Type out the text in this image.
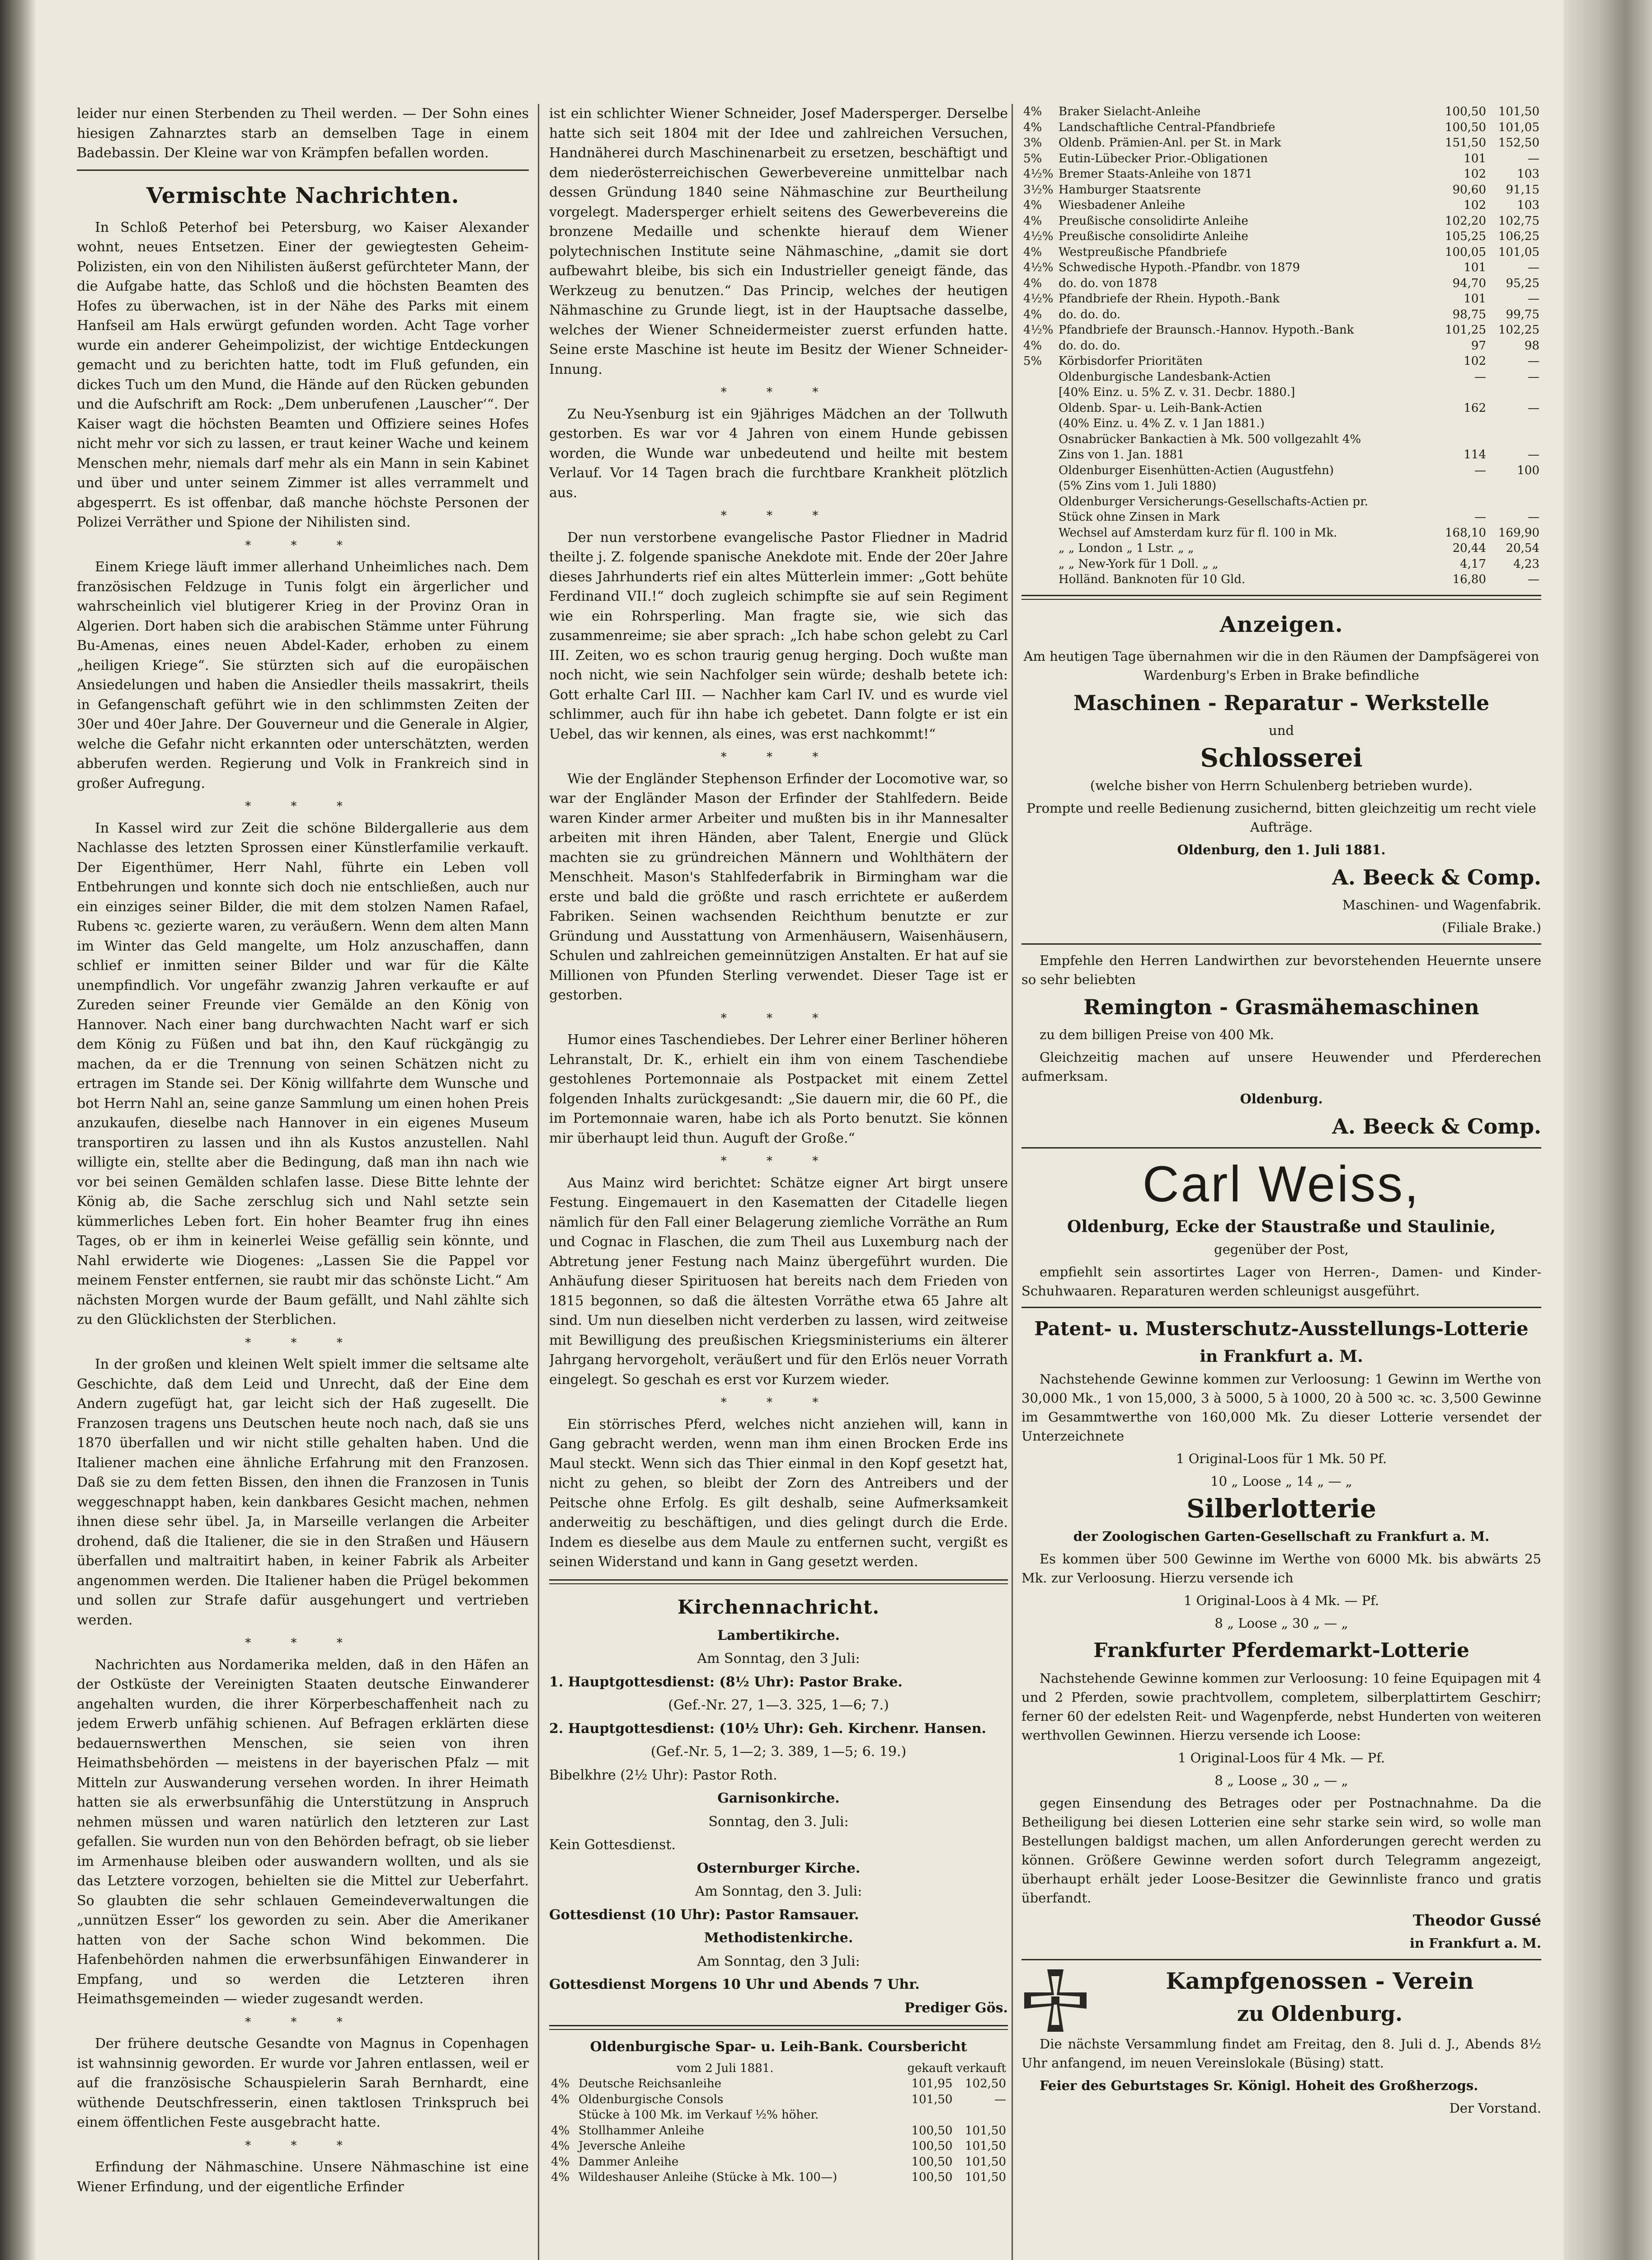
leider nur einen Sterbenden zu Theil werden. — Der Sohn eines hiesigen Zahnarztes starb an demselben Tage in einem Badebassin. Der Kleine war von Krämpfen befallen worden.

Vermischte Nachrichten.

In Schloß Peterhof bei Petersburg, wo Kaiser Alexander wohnt, neues Entsetzen. Einer der gewiegtesten Geheim-Polizisten, ein von den Nihilisten äußerst gefürchteter Mann, der die Aufgabe hatte, das Schloß und die höchsten Beamten des Hofes zu überwachen, ist in der Nähe des Parks mit einem Hanfseil am Hals erwürgt gefunden worden. Acht Tage vorher wurde ein anderer Geheimpolizist, der wichtige Entdeckungen gemacht und zu berichten hatte, todt im Fluß gefunden, ein dickes Tuch um den Mund, die Hände auf den Rücken gebunden und die Aufschrift am Rock: „Dem unberufenen ‚Lauscher‘“. Der Kaiser wagt die höchsten Beamten und Offiziere seines Hofes nicht mehr vor sich zu lassen, er traut keiner Wache und keinem Menschen mehr, niemals darf mehr als ein Mann in sein Kabinet und über und unter seinem Zimmer ist alles verrammelt und abgesperrt. Es ist offenbar, daß manche höchste Personen der Polizei Verräther und Spione der Nihilisten sind.

* * *

Einem Kriege läuft immer allerhand Unheimliches nach. Dem französischen Feldzuge in Tunis folgt ein ärgerlicher und wahrscheinlich viel blutigerer Krieg in der Provinz Oran in Algerien. Dort haben sich die arabischen Stämme unter Führung Bu-Amenas, eines neuen Abdel-Kader, erhoben zu einem „heiligen Kriege“. Sie stürzten sich auf die europäischen Ansiedelungen und haben die Ansiedler theils massakrirt, theils in Gefangenschaft geführt wie in den schlimmsten Zeiten der 30er und 40er Jahre. Der Gouverneur und die Generale in Algier, welche die Gefahr nicht erkannten oder unterschätzten, werden abberufen werden. Regierung und Volk in Frankreich sind in großer Aufregung.

* * *

In Kassel wird zur Zeit die schöne Bildergallerie aus dem Nachlasse des letzten Sprossen einer Künstlerfamilie verkauft. Der Eigenthümer, Herr Nahl, führte ein Leben voll Entbehrungen und konnte sich doch nie entschließen, auch nur ein einziges seiner Bilder, die mit dem stolzen Namen Rafael, Rubens ꝛc. gezierte waren, zu veräußern. Wenn dem alten Mann im Winter das Geld mangelte, um Holz anzuschaffen, dann schlief er inmitten seiner Bilder und war für die Kälte unempfindlich. Vor ungefähr zwanzig Jahren verkaufte er auf Zureden seiner Freunde vier Gemälde an den König von Hannover. Nach einer bang durchwachten Nacht warf er sich dem König zu Füßen und bat ihn, den Kauf rückgängig zu machen, da er die Trennung von seinen Schätzen nicht zu ertragen im Stande sei. Der König willfahrte dem Wunsche und bot Herrn Nahl an, seine ganze Sammlung um einen hohen Preis anzukaufen, dieselbe nach Hannover in ein eigenes Museum transportiren zu lassen und ihn als Kustos anzustellen. Nahl willigte ein, stellte aber die Bedingung, daß man ihn nach wie vor bei seinen Gemälden schlafen lasse. Diese Bitte lehnte der König ab, die Sache zerschlug sich und Nahl setzte sein kümmerliches Leben fort. Ein hoher Beamter frug ihn eines Tages, ob er ihm in keinerlei Weise gefällig sein könnte, und Nahl erwiderte wie Diogenes: „Lassen Sie die Pappel vor meinem Fenster entfernen, sie raubt mir das schönste Licht.“ Am nächsten Morgen wurde der Baum gefällt, und Nahl zählte sich zu den Glücklichsten der Sterblichen.

* * *

In der großen und kleinen Welt spielt immer die seltsame alte Geschichte, daß dem Leid und Unrecht, daß der Eine dem Andern zugefügt hat, gar leicht sich der Haß zugesellt. Die Franzosen tragens uns Deutschen heute noch nach, daß sie uns 1870 überfallen und wir nicht stille gehalten haben. Und die Italiener machen eine ähnliche Erfahrung mit den Franzosen. Daß sie zu dem fetten Bissen, den ihnen die Franzosen in Tunis weggeschnappt haben, kein dankbares Gesicht machen, nehmen ihnen diese sehr übel. Ja, in Marseille verlangen die Arbeiter drohend, daß die Italiener, die sie in den Straßen und Häusern überfallen und maltraitirt haben, in keiner Fabrik als Arbeiter angenommen werden. Die Italiener haben die Prügel bekommen und sollen zur Strafe dafür ausgehungert und vertrieben werden.

* * *

Nachrichten aus Nordamerika melden, daß in den Häfen an der Ostküste der Vereinigten Staaten deutsche Einwanderer angehalten wurden, die ihrer Körperbeschaffenheit nach zu jedem Erwerb unfähig schienen. Auf Befragen erklärten diese bedauernswerthen Menschen, sie seien von ihren Heimathsbehörden — meistens in der bayerischen Pfalz — mit Mitteln zur Auswanderung versehen worden. In ihrer Heimath hatten sie als erwerbsunfähig die Unterstützung in Anspruch nehmen müssen und waren natürlich den letzteren zur Last gefallen. Sie wurden nun von den Behörden befragt, ob sie lieber im Armenhause bleiben oder auswandern wollten, und als sie das Letztere vorzogen, behielten sie die Mittel zur Ueberfahrt. So glaubten die sehr schlauen Gemeindeverwaltungen die „unnützen Esser“ los geworden zu sein. Aber die Amerikaner hatten von der Sache schon Wind bekommen. Die Hafenbehörden nahmen die erwerbsunfähigen Einwanderer in Empfang, und so werden die Letzteren ihren Heimathsgemeinden — wieder zugesandt werden.

* * *

Der frühere deutsche Gesandte von Magnus in Copenhagen ist wahnsinnig geworden. Er wurde vor Jahren entlassen, weil er auf die französische Schauspielerin Sarah Bernhardt, eine wüthende Deutschfresserin, einen taktlosen Trinkspruch bei einem öffentlichen Feste ausgebracht hatte.

* * *

Erfindung der Nähmaschine. Unsere Nähmaschine ist eine Wiener Erfindung, und der eigentliche Erfinder

ist ein schlichter Wiener Schneider, Josef Madersperger. Derselbe hatte sich seit 1804 mit der Idee und zahlreichen Versuchen, Handnäherei durch Maschinenarbeit zu ersetzen, beschäftigt und dem niederösterreichischen Gewerbevereine unmittelbar nach dessen Gründung 1840 seine Nähmaschine zur Beurtheilung vorgelegt. Madersperger erhielt seitens des Gewerbevereins die bronzene Medaille und schenkte hierauf dem Wiener polytechnischen Institute seine Nähmaschine, „damit sie dort aufbewahrt bleibe, bis sich ein Industrieller geneigt fände, das Werkzeug zu benutzen.“ Das Princip, welches der heutigen Nähmaschine zu Grunde liegt, ist in der Hauptsache dasselbe, welches der Wiener Schneidermeister zuerst erfunden hatte. Seine erste Maschine ist heute im Besitz der Wiener Schneider-Innung.

* * *

Zu Neu-Ysenburg ist ein 9jähriges Mädchen an der Tollwuth gestorben. Es war vor 4 Jahren von einem Hunde gebissen worden, die Wunde war unbedeutend und heilte mit bestem Verlauf. Vor 14 Tagen brach die furchtbare Krankheit plötzlich aus.

* * *

Der nun verstorbene evangelische Pastor Fliedner in Madrid theilte j. Z. folgende spanische Anekdote mit. Ende der 20er Jahre dieses Jahrhunderts rief ein altes Mütterlein immer: „Gott behüte Ferdinand VII.!“ doch zugleich schimpfte sie auf sein Regiment wie ein Rohrsperling. Man fragte sie, wie sich das zusammenreime; sie aber sprach: „Ich habe schon gelebt zu Carl III. Zeiten, wo es schon traurig genug herging. Doch wußte man noch nicht, wie sein Nachfolger sein würde; deshalb betete ich: Gott erhalte Carl III. — Nachher kam Carl IV. und es wurde viel schlimmer, auch für ihn habe ich gebetet. Dann folgte er ist ein Uebel, das wir kennen, als eines, was erst nachkommt!“

* * *

Wie der Engländer Stephenson Erfinder der Locomotive war, so war der Engländer Mason der Erfinder der Stahlfedern. Beide waren Kinder armer Arbeiter und mußten bis in ihr Mannesalter arbeiten mit ihren Händen, aber Talent, Energie und Glück machten sie zu gründreichen Männern und Wohlthätern der Menschheit. Mason's Stahlfederfabrik in Birmingham war die erste und bald die größte und rasch errichtete er außerdem Fabriken. Seinen wachsenden Reichthum benutzte er zur Gründung und Ausstattung von Armenhäusern, Waisenhäusern, Schulen und zahlreichen gemeinnützigen Anstalten. Er hat auf sie Millionen von Pfunden Sterling verwendet. Dieser Tage ist er gestorben.

* * *

Humor eines Taschendiebes. Der Lehrer einer Berliner höheren Lehranstalt, Dr. K., erhielt ein ihm von einem Taschendiebe gestohlenes Portemonnaie als Postpacket mit einem Zettel folgenden Inhalts zurückgesandt: „Sie dauern mir, die 60 Pf., die im Portemonnaie waren, habe ich als Porto benutzt. Sie können mir überhaupt leid thun. Auguft der Große.“

* * *

Aus Mainz wird berichtet: Schätze eigner Art birgt unsere Festung. Eingemauert in den Kasematten der Citadelle liegen nämlich für den Fall einer Belagerung ziemliche Vorräthe an Rum und Cognac in Flaschen, die zum Theil aus Luxemburg nach der Abtretung jener Festung nach Mainz übergeführt wurden. Die Anhäufung dieser Spirituosen hat bereits nach dem Frieden von 1815 begonnen, so daß die ältesten Vorräthe etwa 65 Jahre alt sind. Um nun dieselben nicht verderben zu lassen, wird zeitweise mit Bewilligung des preußischen Kriegsministeriums ein älterer Jahrgang hervorgeholt, veräußert und für den Erlös neuer Vorrath eingelegt. So geschah es erst vor Kurzem wieder.

* * *

Ein störrisches Pferd, welches nicht anziehen will, kann in Gang gebracht werden, wenn man ihm einen Brocken Erde ins Maul steckt. Wenn sich das Thier einmal in den Kopf gesetzt hat, nicht zu gehen, so bleibt der Zorn des Antreibers und der Peitsche ohne Erfolg. Es gilt deshalb, seine Aufmerksamkeit anderweitig zu beschäftigen, und dies gelingt durch die Erde. Indem es dieselbe aus dem Maule zu entfernen sucht, vergißt es seinen Widerstand und kann in Gang gesetzt werden.

Kirchennachricht.

Lambertikirche.

Am Sonntag, den 3 Juli:

1. Hauptgottesdienst: (8½ Uhr): Pastor Brake.

(Gef.-Nr. 27, 1—3. 325, 1—6; 7.)

2. Hauptgottesdienst: (10½ Uhr): Geh. Kirchenr. Hansen.

(Gef.-Nr. 5, 1—2; 3. 389, 1—5; 6. 19.)

Bibelkhre (2½ Uhr): Pastor Roth.

Garnisonkirche.

Sonntag, den 3. Juli:

Kein Gottesdienst.

Osternburger Kirche.

Am Sonntag, den 3. Juli:

Gottesdienst (10 Uhr): Pastor Ramsauer.

Methodistenkirche.

Am Sonntag, den 3 Juli:

Gottesdienst Morgens 10 Uhr und Abends 7 Uhr.

Prediger Gös.

Oldenburgische Spar- u. Leih-Bank. Coursbericht

vom 2 Juli 1881.		gekauft	verkauft
4%	Deutsche Reichsanleihe	101,95	102,50
4%	Oldenburgische Consols	101,50	—
	Stücke à 100 Mk. im Verkauf ½% höher.		
4%	Stollhammer Anleihe	100,50	101,50
4%	Jeversche Anleihe	100,50	101,50
4%	Dammer Anleihe	100,50	101,50
4%	Wildeshauser Anleihe (Stücke à Mk. 100—)	100,50	101,50
4%	Braker Sielacht-Anleihe	100,50	101,50
4%	Landschaftliche Central-Pfandbriefe	100,50	101,05
3%	Oldenb. Prämien-Anl. per St. in Mark	151,50	152,50
5%	Eutin-Lübecker Prior.-Obligationen	101	—
4½%	Bremer Staats-Anleihe von 1871	102	103
3½%	Hamburger Staatsrente	90,60	91,15
4%	Wiesbadener Anleihe	102	103
4%	Preußische consolidirte Anleihe	102,20	102,75
4½%	Preußische consolidirte Anleihe	105,25	106,25
4%	Westpreußische Pfandbriefe	100,05	101,05
4½%	Schwedische Hypoth.-Pfandbr. von 1879	101	—
4%	do. do. von 1878	94,70	95,25
4½%	Pfandbriefe der Rhein. Hypoth.-Bank	101	—
4%	do. do. do.	98,75	99,75
4½%	Pfandbriefe der Braunsch.-Hannov. Hypoth.-Bank	101,25	102,25
4%	do. do. do.	97	98
5%	Körbisdorfer Prioritäten	102	—
	Oldenburgische Landesbank-Actien	—	—
	[40% Einz. u. 5% Z. v. 31. Decbr. 1880.]		
	Oldenb. Spar- u. Leih-Bank-Actien	162	—
	(40% Einz. u. 4% Z. v. 1 Jan 1881.)		
	Osnabrücker Bankactien à Mk. 500 vollgezahlt 4%		
	Zins von 1. Jan. 1881	114	—
	Oldenburger Eisenhütten-Actien (Augustfehn)	—	100
	(5% Zins vom 1. Juli 1880)		
	Oldenburger Versicherungs-Gesellschafts-Actien pr.		
	Stück ohne Zinsen in Mark	—	—
	Wechsel auf Amsterdam kurz für fl. 100 in Mk.	168,10	169,90
	„ „ London „ 1 Lstr. „ „	20,44	20,54
	„ „ New-York für 1 Doll. „ „	4,17	4,23
	Holländ. Banknoten für 10 Gld.	16,80	—
Anzeigen.

Am heutigen Tage übernahmen wir die in den Räumen der Dampfsägerei von Wardenburg's Erben in Brake befindliche

Maschinen - Reparatur - Werkstelle

und

Schlosserei

(welche bisher von Herrn Schulenberg betrieben wurde).

Prompte und reelle Bedienung zusichernd, bitten gleichzeitig um recht viele Aufträge.

Oldenburg, den 1. Juli 1881.

A. Beeck & Comp.

Maschinen- und Wagenfabrik.

(Filiale Brake.)

Empfehle den Herren Landwirthen zur bevorstehenden Heuernte unsere so sehr beliebten

Remington - Grasmähemaschinen

zu dem billigen Preise von 400 Mk.

Gleichzeitig machen auf unsere Heuwender und Pferderechen aufmerksam.

Oldenburg.

A. Beeck & Comp.

Carl Weiss,

Oldenburg, Ecke der Staustraße und Staulinie,

gegenüber der Post,

empfiehlt sein assortirtes Lager von Herren-, Damen- und Kinder-Schuhwaaren. Reparaturen werden schleunigst ausgeführt.

Patent- u. Musterschutz-Ausstellungs-Lotterie

in Frankfurt a. M.

Nachstehende Gewinne kommen zur Verloosung: 1 Gewinn im Werthe von 30,000 Mk., 1 von 15,000, 3 à 5000, 5 à 1000, 20 à 500 ꝛc. ꝛc. 3,500 Gewinne im Gesammtwerthe von 160,000 Mk. Zu dieser Lotterie versendet der Unterzeichnete

1 Original-Loos für 1 Mk. 50 Pf.

10 „ Loose „ 14 „ — „

Silberlotterie

der Zoologischen Garten-Gesellschaft zu Frankfurt a. M.

Es kommen über 500 Gewinne im Werthe von 6000 Mk. bis abwärts 25 Mk. zur Verloosung. Hierzu versende ich

1 Original-Loos à 4 Mk. — Pf.

8 „ Loose „ 30 „ — „

Frankfurter Pferdemarkt-Lotterie

Nachstehende Gewinne kommen zur Verloosung: 10 feine Equipagen mit 4 und 2 Pferden, sowie prachtvollem, completem, silberplattirtem Geschirr; ferner 60 der edelsten Reit- und Wagenpferde, nebst Hunderten von weiteren werthvollen Gewinnen. Hierzu versende ich Loose:

1 Original-Loos für 4 Mk. — Pf.

8 „ Loose „ 30 „ — „

gegen Einsendung des Betrages oder per Postnachnahme. Da die Betheiligung bei diesen Lotterien eine sehr starke sein wird, so wolle man Bestellungen baldigst machen, um allen Anforderungen gerecht werden zu können. Größere Gewinne werden sofort durch Telegramm angezeigt, überhaupt erhält jeder Loose-Besitzer die Gewinnliste franco und gratis überfandt.

Theodor Gussé

in Frankfurt a. M.

Kampfgenossen - Verein

zu Oldenburg.

Die nächste Versammlung findet am Freitag, den 8. Juli d. J., Abends 8½ Uhr anfangend, im neuen Vereinslokale (Büsing) statt.

Feier des Geburtstages Sr. Königl. Hoheit des Großherzogs.

Der Vorstand.
